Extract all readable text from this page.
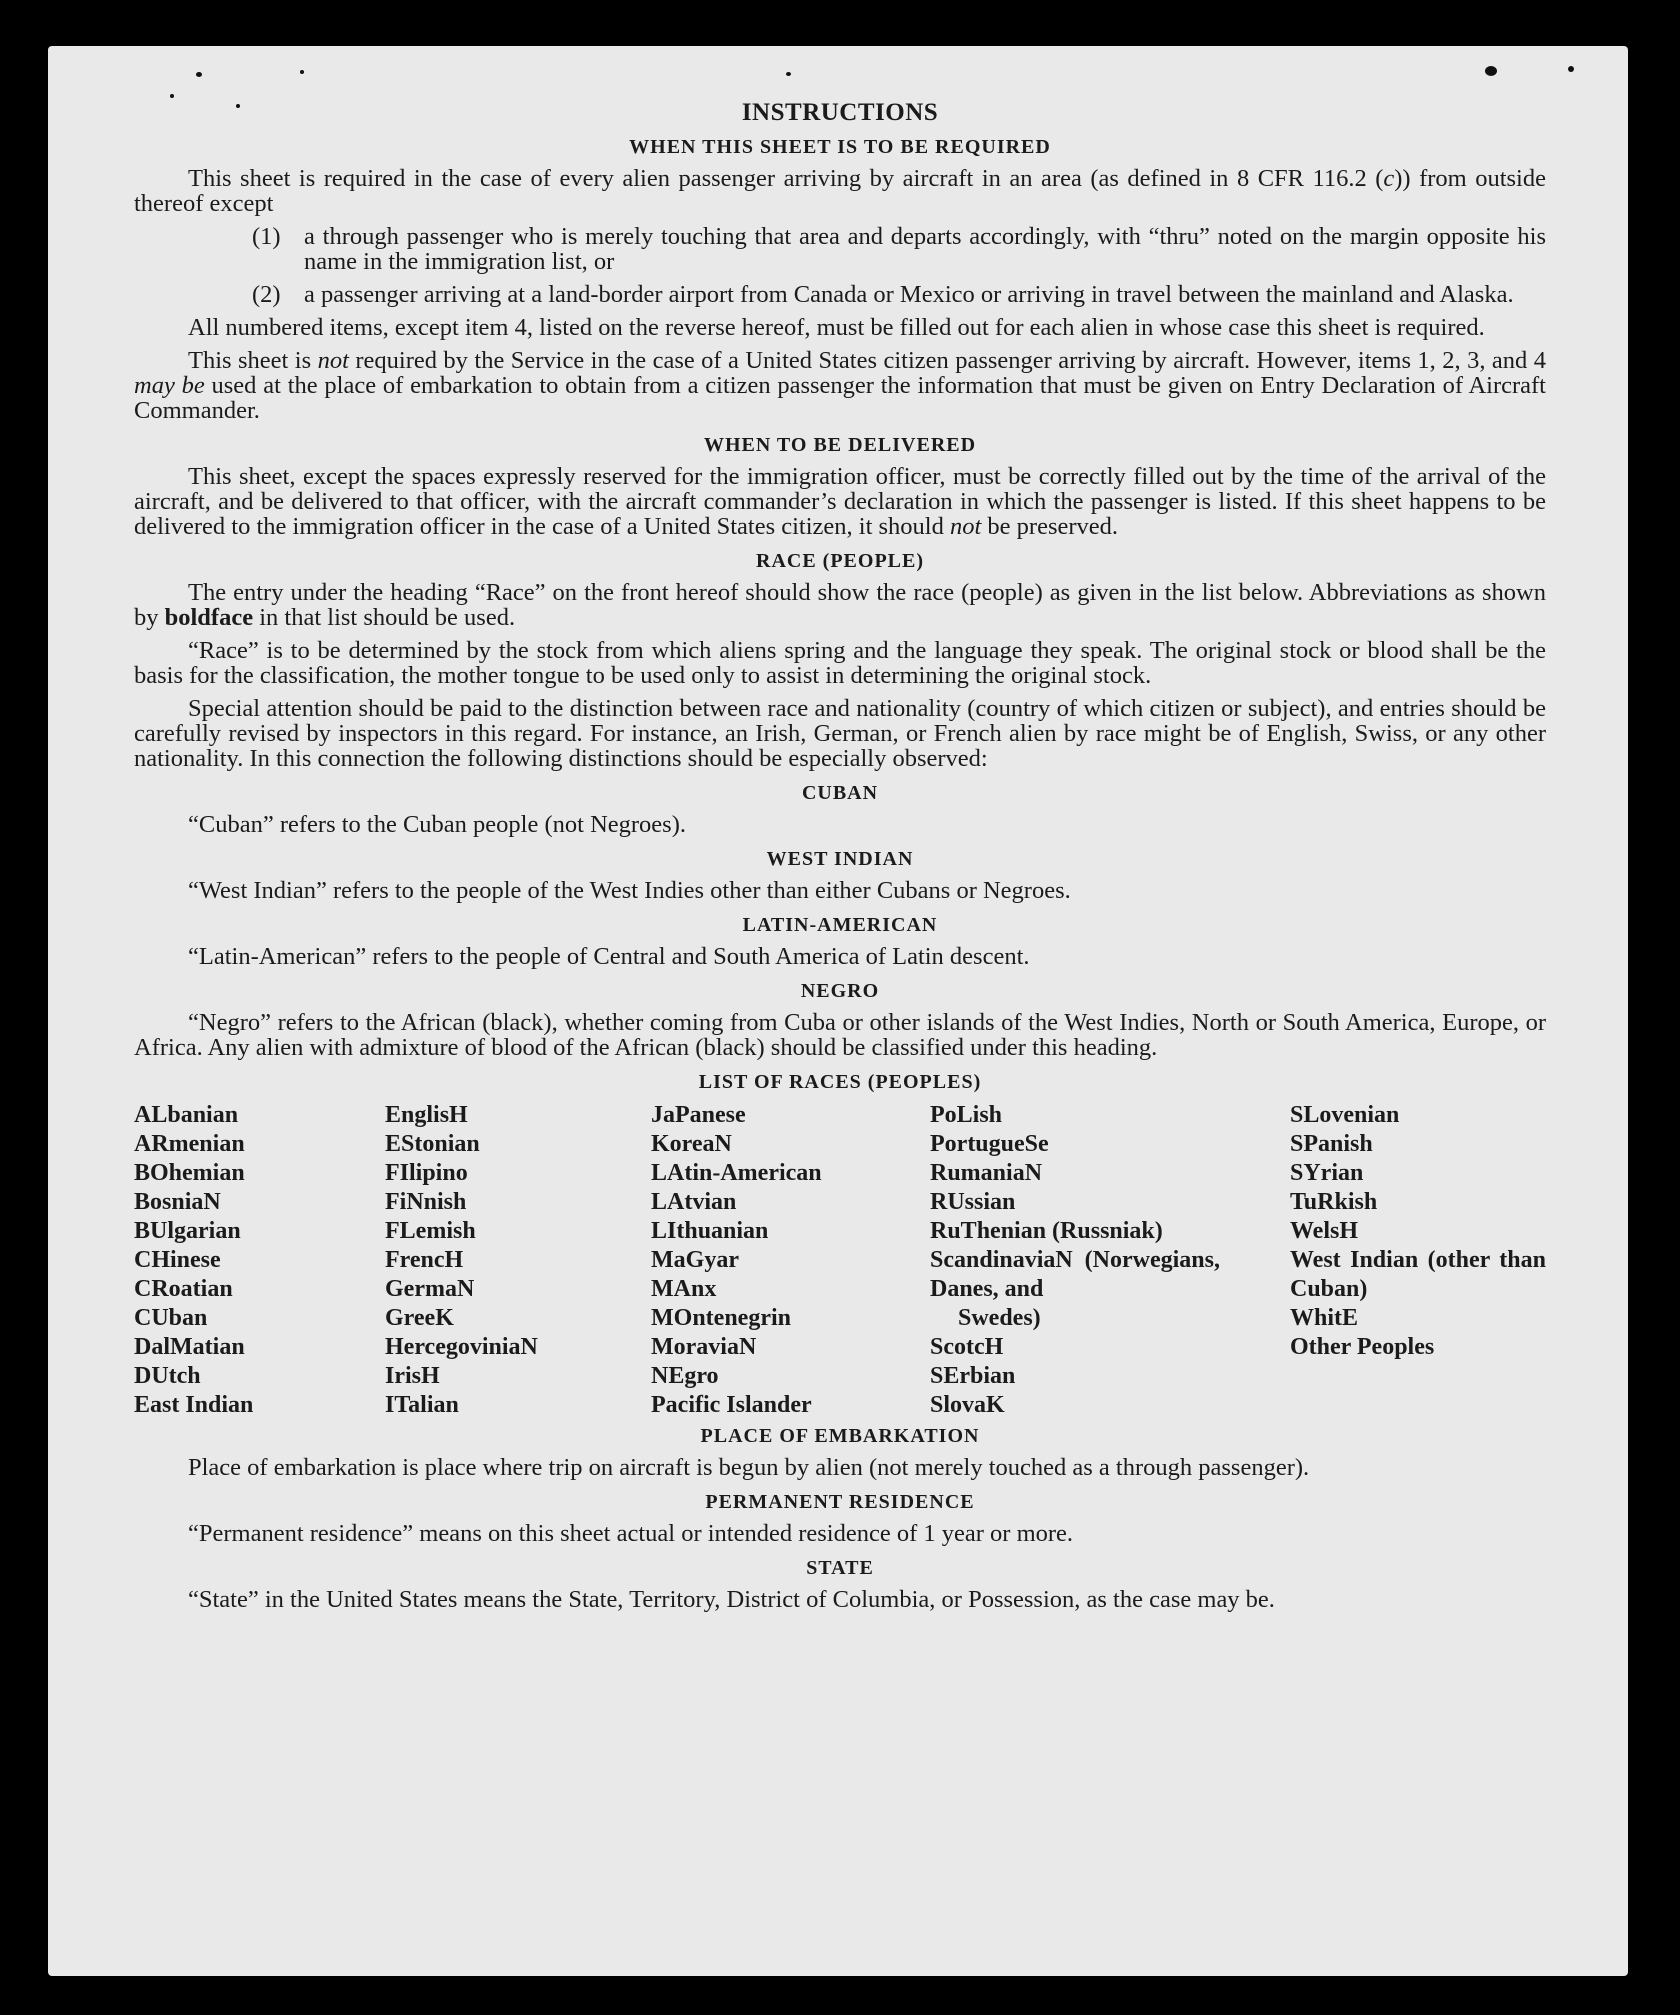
INSTRUCTIONS
WHEN THIS SHEET IS TO BE REQUIRED

This sheet is required in the case of every alien passenger arriving by aircraft in an area (as defined in 8 CFR 116.2 (c)) from outside thereof except

(1) a through passenger who is merely touching that area and departs accordingly, with “thru” noted on the margin opposite his name in the immigration list, or
(2) a passenger arriving at a land-border airport from Canada or Mexico or arriving in travel between the mainland and Alaska.

All numbered items, except item 4, listed on the reverse hereof, must be filled out for each alien in whose case this sheet is required.

This sheet is not required by the Service in the case of a United States citizen passenger arriving by aircraft. However, items 1, 2, 3, and 4 may be used at the place of embarkation to obtain from a citizen passenger the information that must be given on Entry Declaration of Aircraft Commander.

WHEN TO BE DELIVERED

This sheet, except the spaces expressly reserved for the immigration officer, must be correctly filled out by the time of the arrival of the aircraft, and be delivered to that officer, with the aircraft commander’s declaration in which the passenger is listed. If this sheet happens to be delivered to the immigration officer in the case of a United States citizen, it should not be preserved.

RACE (PEOPLE)

The entry under the heading “Race” on the front hereof should show the race (people) as given in the list below. Abbreviations as shown by boldface in that list should be used.

“Race” is to be determined by the stock from which aliens spring and the language they speak. The original stock or blood shall be the basis for the classification, the mother tongue to be used only to assist in determining the original stock.

Special attention should be paid to the distinction between race and nationality (country of which citizen or subject), and entries should be carefully revised by inspectors in this regard. For instance, an Irish, German, or French alien by race might be of English, Swiss, or any other nationality. In this connection the following distinctions should be especially observed:

CUBAN

“Cuban” refers to the Cuban people (not Negroes).

WEST INDIAN

“West Indian” refers to the people of the West Indies other than either Cubans or Negroes.

LATIN-AMERICAN

“Latin-American” refers to the people of Central and South America of Latin descent.

NEGRO

“Negro” refers to the African (black), whether coming from Cuba or other islands of the West Indies, North or South America, Europe, or Africa. Any alien with admixture of blood of the African (black) should be classified under this heading.

LIST OF RACES (PEOPLES)
ALbanian
ARmenian
BOhemian
BosniaN
BUlgarian
CHinese
CRoatian
CUban
DalMatian
DUtch
East Indian
EnglisH
EStonian
FIlipino
FiNnish
FLemish
FrencH
GermaN
GreeK
HercegoviniaN
IrisH
ITalian
JaPanese
KoreaN
LAtin-American
LAtvian
LIthuanian
MaGyar
MAnx
MOntenegrin
MoraviaN
NEgro
Pacific Islander
PoLish
PortugueSe
RumaniaN
RUssian
RuThenian (Russniak)
ScandinaviaN (Norwegians, Danes, and
Swedes)
ScotcH
SErbian
SlovaK
SLovenian
SPanish
SYrian
TuRkish
WelsH
West Indian (other than Cuban)
WhitE
Other Peoples
PLACE OF EMBARKATION

Place of embarkation is place where trip on aircraft is begun by alien (not merely touched as a through passenger).

PERMANENT RESIDENCE

“Permanent residence” means on this sheet actual or intended residence of 1 year or more.

STATE

“State” in the United States means the State, Territory, District of Columbia, or Possession, as the case may be.
